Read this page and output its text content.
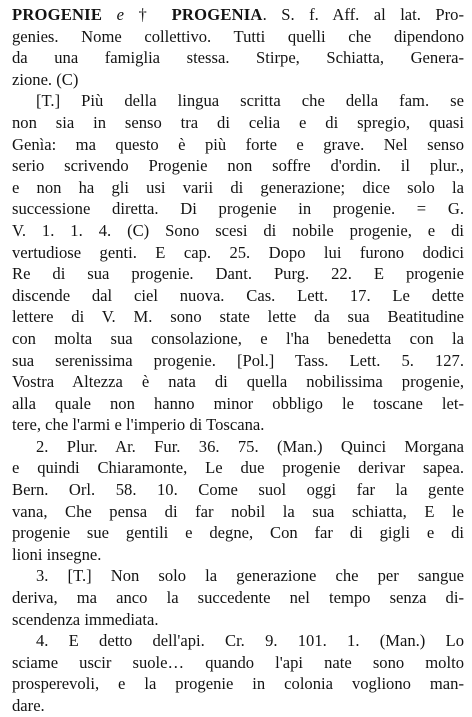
PROGENIE e † PROGENIA. S. f. Aff. al lat. Pro-
genies. Nome collettivo. Tutti quelli che dipendono
da una famiglia stessa. Stirpe, Schiatta, Genera-
zione. (C)
[T.] Più della lingua scritta che della fam. se
non sia in senso tra di celia e di spregio, quasi
Genìa: ma questo è più forte e grave. Nel senso
serio scrivendo Progenie non soffre d'ordin. il plur.,
e non ha gli usi varii di generazione; dice solo la
successione diretta. Di progenie in progenie. = G.
V. 1. 1. 4. (C) Sono scesi di nobile progenie, e di
vertudiose genti. E cap. 25. Dopo lui furono dodici
Re di sua progenie. Dant. Purg. 22. E progenie
discende dal ciel nuova. Cas. Lett. 17. Le dette
lettere di V. M. sono state lette da sua Beatitudine
con molta sua consolazione, e l'ha benedetta con la
sua serenissima progenie. [Pol.] Tass. Lett. 5. 127.
Vostra Altezza è nata di quella nobilissima progenie,
alla quale non hanno minor obbligo le toscane let-
tere, che l'armi e l'imperio di Toscana.
2. Plur. Ar. Fur. 36. 75. (Man.) Quinci Morgana
e quindi Chiaramonte, Le due progenie derivar sapea.
Bern. Orl. 58. 10. Come suol oggi far la gente
vana, Che pensa di far nobil la sua schiatta, E le
progenie sue gentili e degne, Con far di gigli e di
lioni insegne.
3. [T.] Non solo la generazione che per sangue
deriva, ma anco la succedente nel tempo senza di-
scendenza immediata.
4. E detto dell'api. Cr. 9. 101. 1. (Man.) Lo
sciame uscir suole… quando l'api nate sono molto
prosperevoli, e la progenie in colonia vogliono man-
dare.
